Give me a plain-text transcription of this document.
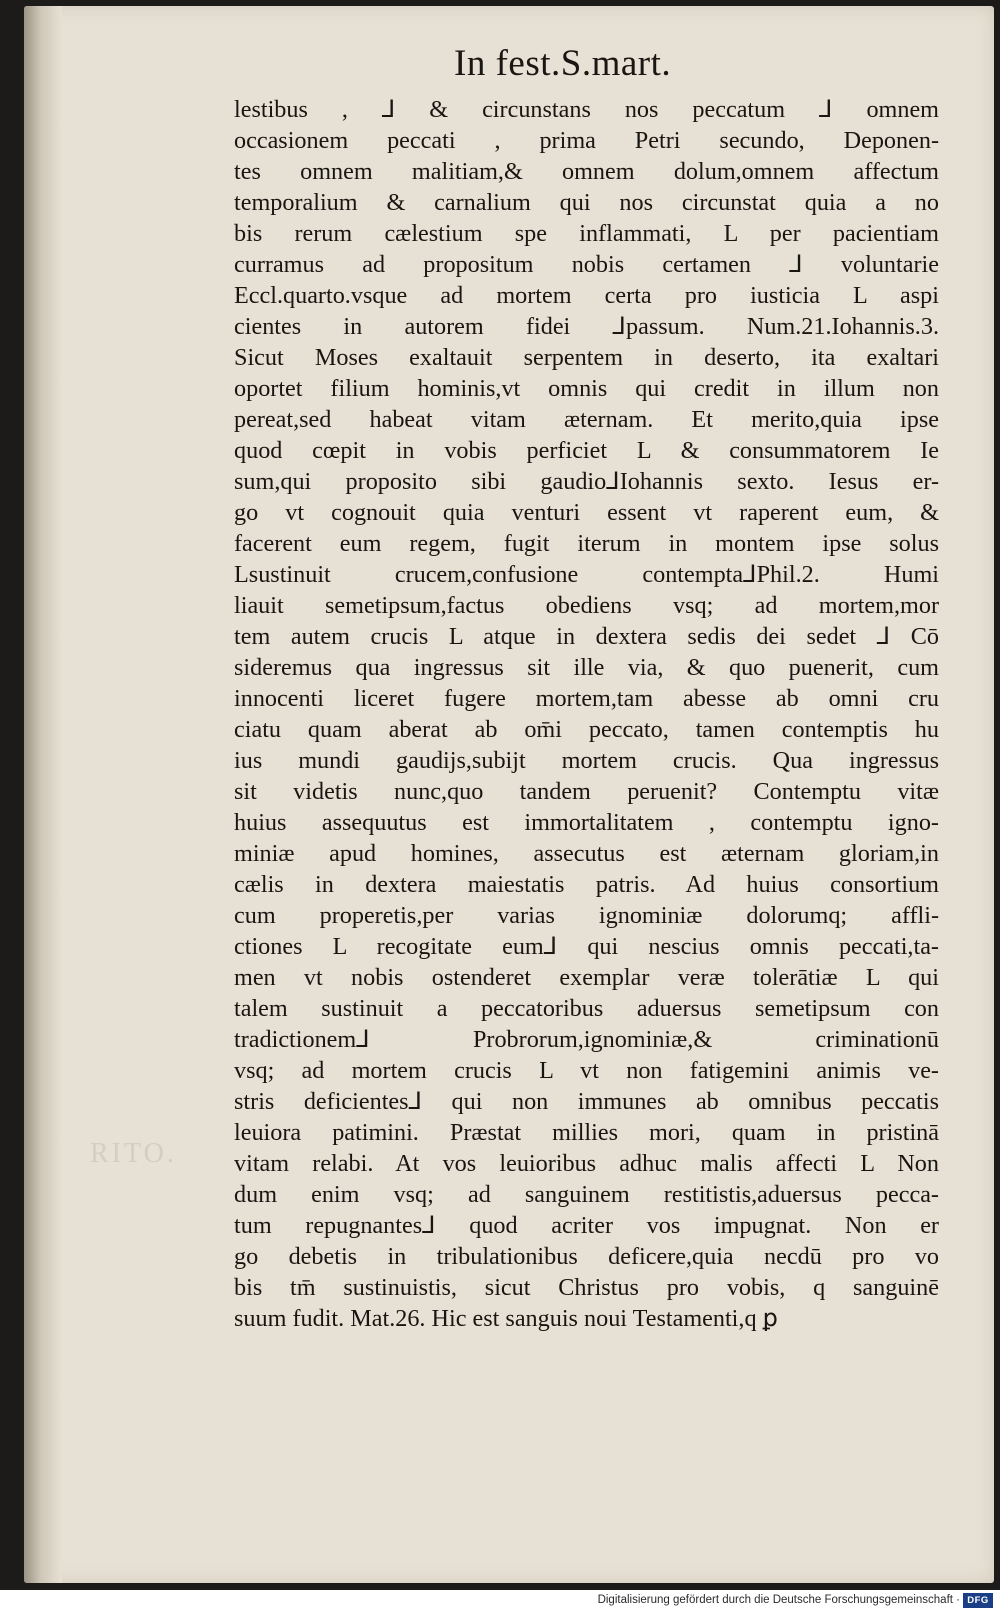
RITO.
In fest.S.mart.
lestibus , ⅃ & circunstans nos peccatum ⅃ omnem
occasionem peccati , prima Petri secundo, Deponen-
tes omnem malitiam,& omnem dolum,omnem affectum
temporalium & carnalium qui nos circunstat quia a no
bis rerum cælestium spe inflammati, L per pacientiam
curramus ad propositum nobis certamen ⅃ voluntarie
Eccl.quarto.vsque ad mortem certa pro iusticia L aspi
cientes in autorem fidei ⅃passum. Num.21.Iohannis.3.
Sicut Moses exaltauit serpentem in deserto, ita exaltari
oportet filium hominis,vt omnis qui credit in illum non
pereat,sed habeat vitam æternam. Et merito,quia ipse
quod cœpit in vobis perficiet L & consummatorem Ie
sum,qui proposito sibi gaudio⅃Iohannis sexto. Iesus er-
go vt cognouit quia venturi essent vt raperent eum, &
facerent eum regem, fugit iterum in montem ipse solus
Lsustinuit crucem,confusione contempta⅃Phil.2. Humi
liauit semetipsum,factus obediens vsq; ad mortem,mor
tem autem crucis L atque in dextera sedis dei sedet ⅃ Cō
sideremus qua ingressus sit ille via, & quo puenerit, cum
innocenti liceret fugere mortem,tam abesse ab omni cru
ciatu quam aberat ab om̄i peccato, tamen contemptis hu
ius mundi gaudijs,subijt mortem crucis. Qua ingressus
sit videtis nunc,quo tandem peruenit? Contemptu vitæ
huius assequutus est immortalitatem , contemptu igno-
miniæ apud homines, assecutus est æternam gloriam,in
cælis in dextera maiestatis patris. Ad huius consortium
cum properetis,per varias ignominiæ dolorumq; affli-
ctiones L recogitate eum⅃ qui nescius omnis peccati,ta-
men vt nobis ostenderet exemplar veræ tolerātiæ L qui
talem sustinuit a peccatoribus aduersus semetipsum con
tradictionem⅃ Probrorum,ignominiæ,& criminationū
vsq; ad mortem crucis L vt non fatigemini animis ve-
stris deficientes⅃ qui non immunes ab omnibus peccatis
leuiora patimini. Præstat millies mori, quam in pristinā
vitam relabi. At vos leuioribus adhuc malis affecti L Non
dum enim vsq; ad sanguinem restitistis,aduersus pecca-
tum repugnantes⅃ quod acriter vos impugnat. Non er
go debetis in tribulationibus deficere,quia necdū pro vo
bis tm̄ sustinuistis, sicut Christus pro vobis, q sanguinē
suum fudit. Mat.26. Hic est sanguis noui Testamenti,q ꝑ
Digitalisierung gefördert durch die Deutsche Forschungsgemeinschaft · DFG
